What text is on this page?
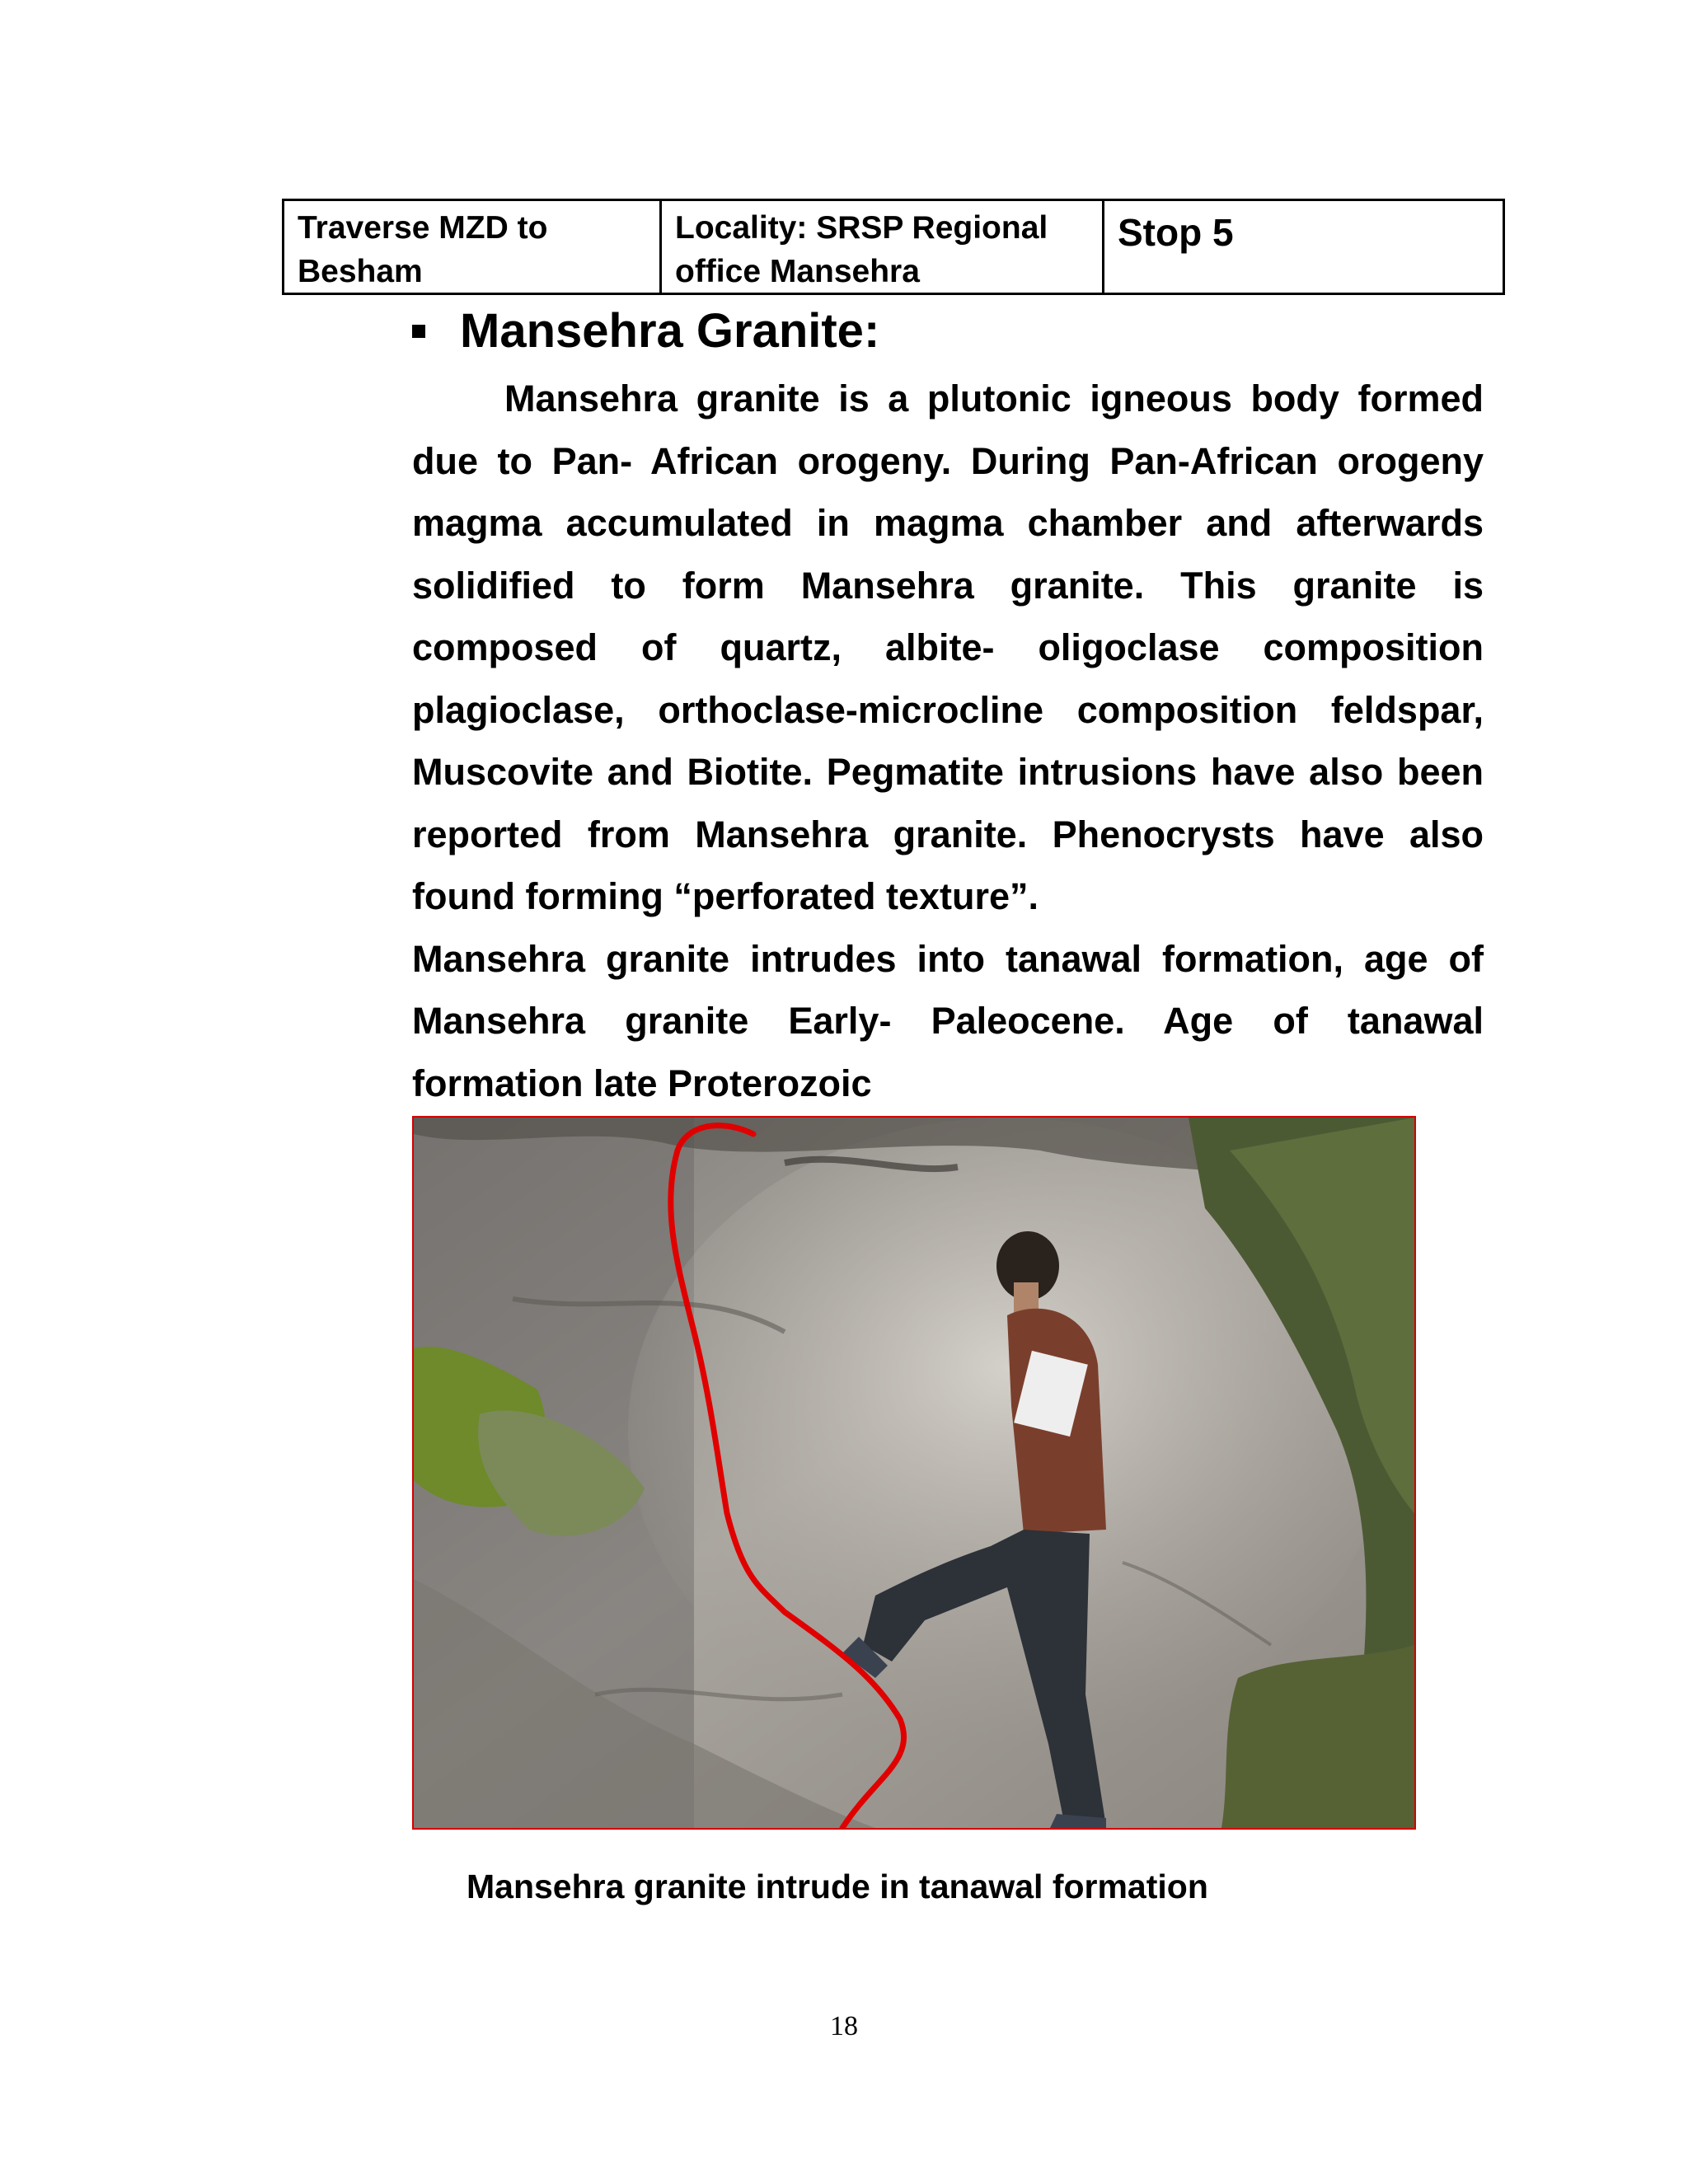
Traverse MZD to Besham
Locality: SRSP Regional office Mansehra
Stop 5
Mansehra Granite:

Mansehra granite is a plutonic igneous body formed due to Pan- African orogeny. During Pan-African orogeny magma accumulated in magma chamber and afterwards solidified to form Mansehra granite. This granite is composed of quartz, albite- oligoclase composition plagioclase, orthoclase-microcline composition feldspar, Muscovite and Biotite. Pegmatite intrusions have also been reported from Mansehra granite. Phenocrysts have also found forming “perforated texture”.

Mansehra granite intrudes into tanawal formation, age of Mansehra granite Early- Paleocene. Age of tanawal formation late Proterozoic

Mansehra granite intrude in tanawal formation
18
